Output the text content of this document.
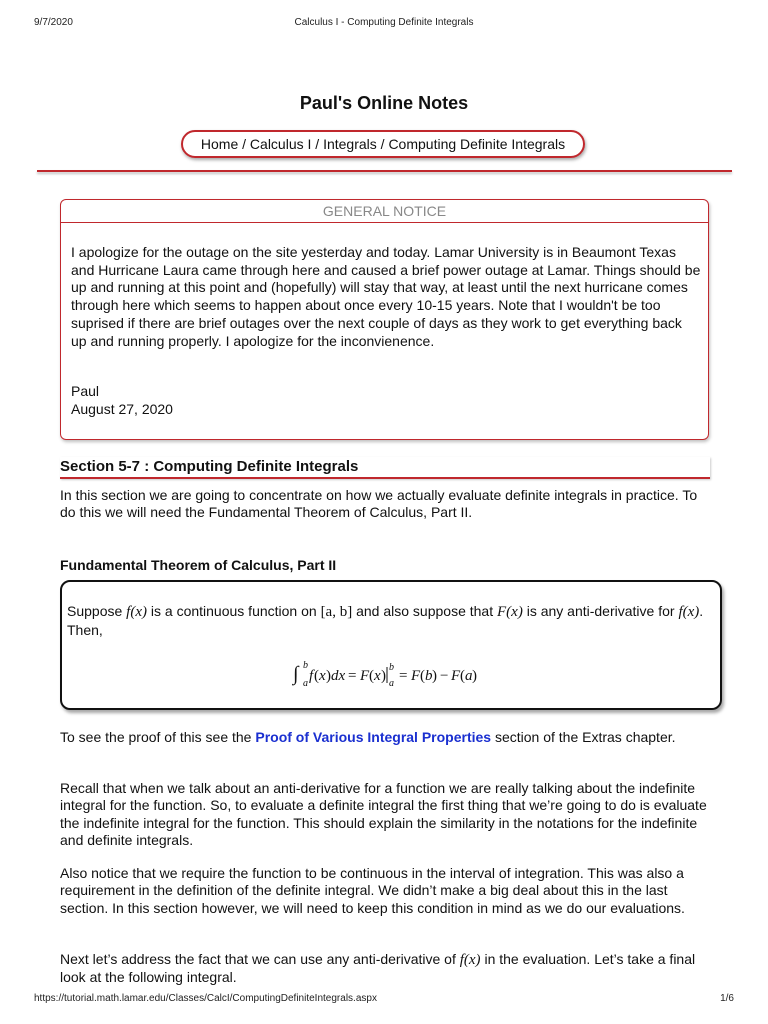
9/7/2020	Calculus I - Computing Definite Integrals
Paul's Online Notes
Home / Calculus I / Integrals / Computing Definite Integrals
GENERAL NOTICE

I apologize for the outage on the site yesterday and today. Lamar University is in Beaumont Texas and Hurricane Laura came through here and caused a brief power outage at Lamar. Things should be up and running at this point and (hopefully) will stay that way, at least until the next hurricane comes through here which seems to happen about once every 10-15 years. Note that I wouldn't be too suprised if there are brief outages over the next couple of days as they work to get everything back up and running properly. I apologize for the inconvienence.

Paul
August 27, 2020
Section 5-7 : Computing Definite Integrals

In this section we are going to concentrate on how we actually evaluate definite integrals in practice. To do this we will need the Fundamental Theorem of Calculus, Part II.

Fundamental Theorem of Calculus, Part II
Suppose f(x) is a continuous function on [a, b] and also suppose that F(x) is any anti-derivative for f(x). Then,
∫ b
a f ( x ) dx = F ( x )
b
a = F ( b ) − F ( a )

To see the proof of this see the Proof of Various Integral Properties section of the Extras chapter.

Recall that when we talk about an anti-derivative for a function we are really talking about the indefinite integral for the function. So, to evaluate a definite integral the first thing that we’re going to do is evaluate the indefinite integral for the function. This should explain the similarity in the notations for the indefinite and definite integrals.

Also notice that we require the function to be continuous in the interval of integration. This was also a requirement in the definition of the definite integral. We didn’t make a big deal about this in the last section. In this section however, we will need to keep this condition in mind as we do our evaluations.

Next let’s address the fact that we can use any anti-derivative of f(x) in the evaluation. Let’s take a final look at the following integral.

https://tutorial.math.lamar.edu/Classes/CalcI/ComputingDefiniteIntegrals.aspx	1/6
